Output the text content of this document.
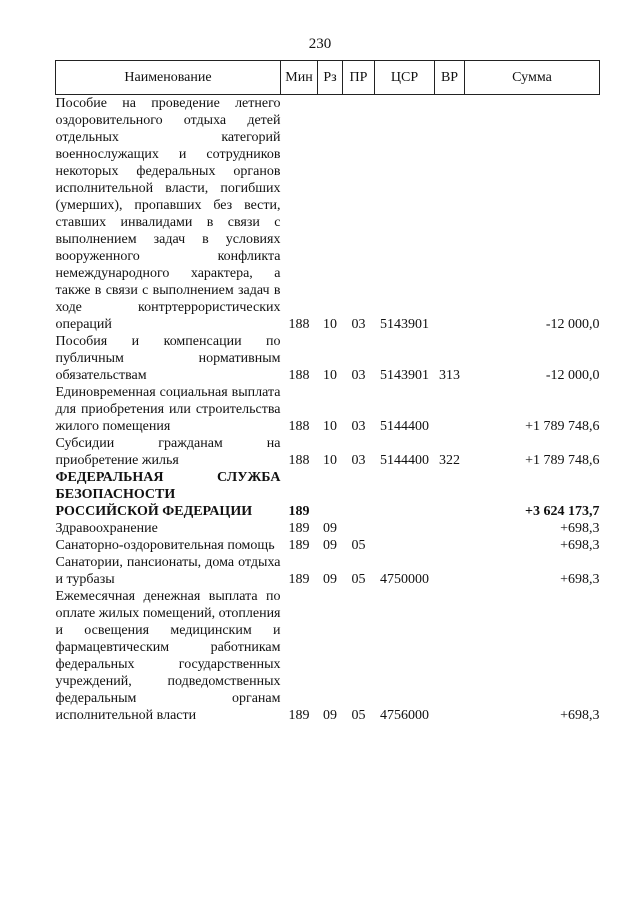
230
Наименование	Мин	Рз	ПР	ЦСР	ВР	Сумма
Пособие на проведение летнего оздоровительного отдыха детей отдельных категорий военнослужащих и сотрудников некоторых федеральных органов исполнительной власти, погибших (умерших), пропавших без вести, ставших инвалидами в связи с выполнением задач в условиях вооруженного конфликта немеждународного характера, а также в связи с выполнением задач в ходе контртеррористических операций	188	10	03	5143901		-12 000,0
Пособия и компенсации по публичным нормативным обязательствам	188	10	03	5143901	313	-12 000,0
Единовременная социальная выплата для приобретения или строительства жилого помещения	188	10	03	5144400		+1 789 748,6
Субсидии гражданам на приобретение жилья	188	10	03	5144400	322	+1 789 748,6
ФЕДЕРАЛЬНАЯ СЛУЖБА БЕЗОПАСНОСТИ РОССИЙСКОЙ ФЕДЕРАЦИИ	189					+3 624 173,7
Здравоохранение	189	09				+698,3
Санаторно-оздоровительная помощь	189	09	05			+698,3
Санатории, пансионаты, дома отдыха и турбазы	189	09	05	4750000		+698,3
Ежемесячная денежная выплата по оплате жилых помещений, отопления и освещения медицинским и фармацевтическим работникам федеральных государственных учреждений, подведомственных федеральным органам исполнительной власти	189	09	05	4756000		+698,3
